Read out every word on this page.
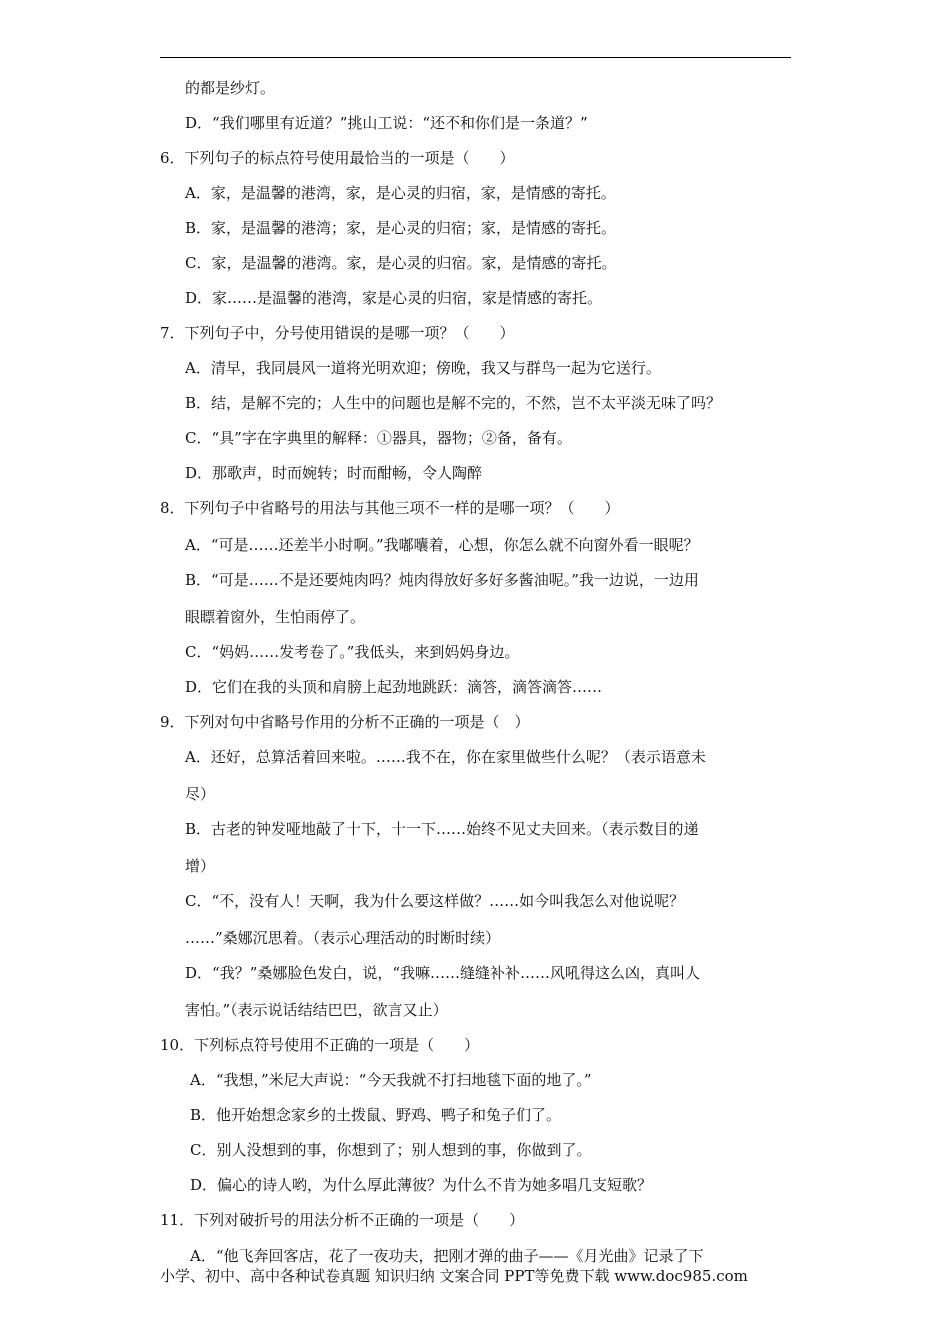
的都是纱灯。
D．“我们哪里有近道？”挑山工说：“还不和你们是一条道？”
6．下列句子的标点符号使用最恰当的一项是（　　）
A．家，是温馨的港湾，家，是心灵的归宿，家，是情感的寄托。
B．家，是温馨的港湾；家，是心灵的归宿；家，是情感的寄托。
C．家，是温馨的港湾。家，是心灵的归宿。家，是情感的寄托。
D．家……是温馨的港湾，家是心灵的归宿，家是情感的寄托。
7．下列句子中，分号使用错误的是哪一项？（　　）
A．清早，我同晨风一道将光明欢迎；傍晚，我又与群鸟一起为它送行。
B．结，是解不完的；人生中的问题也是解不完的，不然，岂不太平淡无味了吗？
C．“具”字在字典里的解释：①器具，器物；②备，备有。
D．那歌声，时而婉转；时而酣畅，令人陶醉
8．下列句子中省略号的用法与其他三项不一样的是哪一项？（　　）
A．“可是……还差半小时啊。”我嘟囔着，心想，你怎么就不向窗外看一眼呢？
B．“可是……不是还要炖肉吗？炖肉得放好多好多酱油呢。”我一边说，一边用
眼瞟着窗外，生怕雨停了。
C．“妈妈……发考卷了。”我低头，来到妈妈身边。
D．它们在我的头顶和肩膀上起劲地跳跃：滴答，滴答滴答……
9．下列对句中省略号作用的分析不正确的一项是（　）
A．还好，总算活着回来啦。……我不在，你在家里做些什么呢？（表示语意未
尽）
B．古老的钟发哑地敲了十下，十一下……始终不见丈夫回来。（表示数目的递
增）
C．“不，没有人！天啊，我为什么要这样做？……如今叫我怎么对他说呢？
……”桑娜沉思着。（表示心理活动的时断时续）
D．“我？”桑娜脸色发白，说，“我嘛……缝缝补补……风吼得这么凶，真叫人
害怕。”（表示说话结结巴巴，欲言又止）
10．下列标点符号使用不正确的一项是（　　）
A．“我想，”米尼大声说：“今天我就不打扫地毯下面的地了。”
B．他开始想念家乡的土拨鼠、野鸡、鸭子和兔子们了。
C．别人没想到的事，你想到了；别人想到的事，你做到了。
D．偏心的诗人哟，为什么厚此薄彼？为什么不肯为她多唱几支短歌？
11．下列对破折号的用法分析不正确的一项是（　　）
A．“他飞奔回客店，花了一夜功夫，把刚才弹的曲子——《月光曲》记录了下
小学、初中、高中各种试卷真题 知识归纳 文案合同 PPT等免费下载 www.doc985.com
